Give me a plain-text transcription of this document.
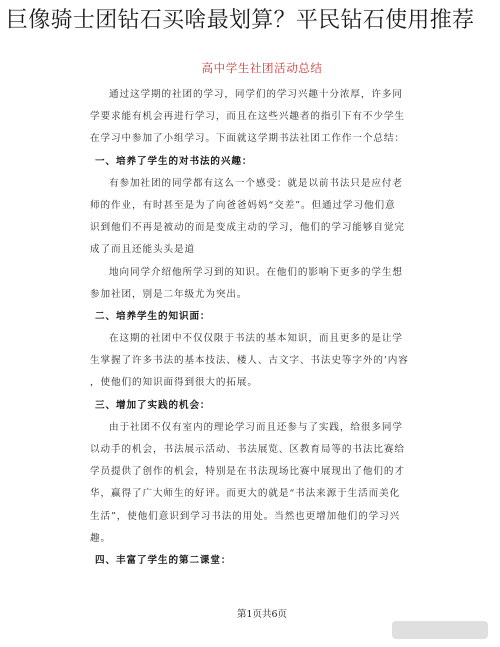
巨像骑士团钻石买啥最划算？平民钻石使用推荐
高中学生社团活动总结
通过这学期的社团的学习，同学们的学习兴趣十分浓厚，许多同
学要求能有机会再进行学习，而且在这些兴趣者的指引下有不少学生
在学习中参加了小组学习。下面就这学期书法社团工作作一个总结：
一、培养了学生的对书法的兴趣：
有参加社团的同学都有这么一个感受：就是以前书法只是应付老
师的作业，有时甚至是为了向爸爸妈妈“交差”。但通过学习他们意
识到他们不再是被动的而是变成主动的学习，他们的学习能够自觉完
成了而且还能头头是道
地向同学介绍他所学习到的知识。在他们的影响下更多的学生想
参加社团，别是二年级尤为突出。
二、培养学生的知识面：
在这期的社团中不仅仅限于书法的基本知识，而且更多的是让学
生掌握了许多书法的基本技法、楼人、古文字、书法史等字外的’内容
，使他们的知识面得到很大的拓展。
三、增加了实践的机会：
由于社团不仅有室内的理论学习而且还参与了实践，给很多同学
以动手的机会，书法展示活动、书法展览、区教育局等的书法比赛给
学员提供了创作的机会，特别是在书法现场比赛中展现出了他们的才
华，赢得了广大师生的好评。而更大的就是“书法来源于生活而美化
生活”，使他们意识到学习书法的用处。当然也更增加他们的学习兴
趣。
四、丰富了学生的第二课堂：
第1页共6页
